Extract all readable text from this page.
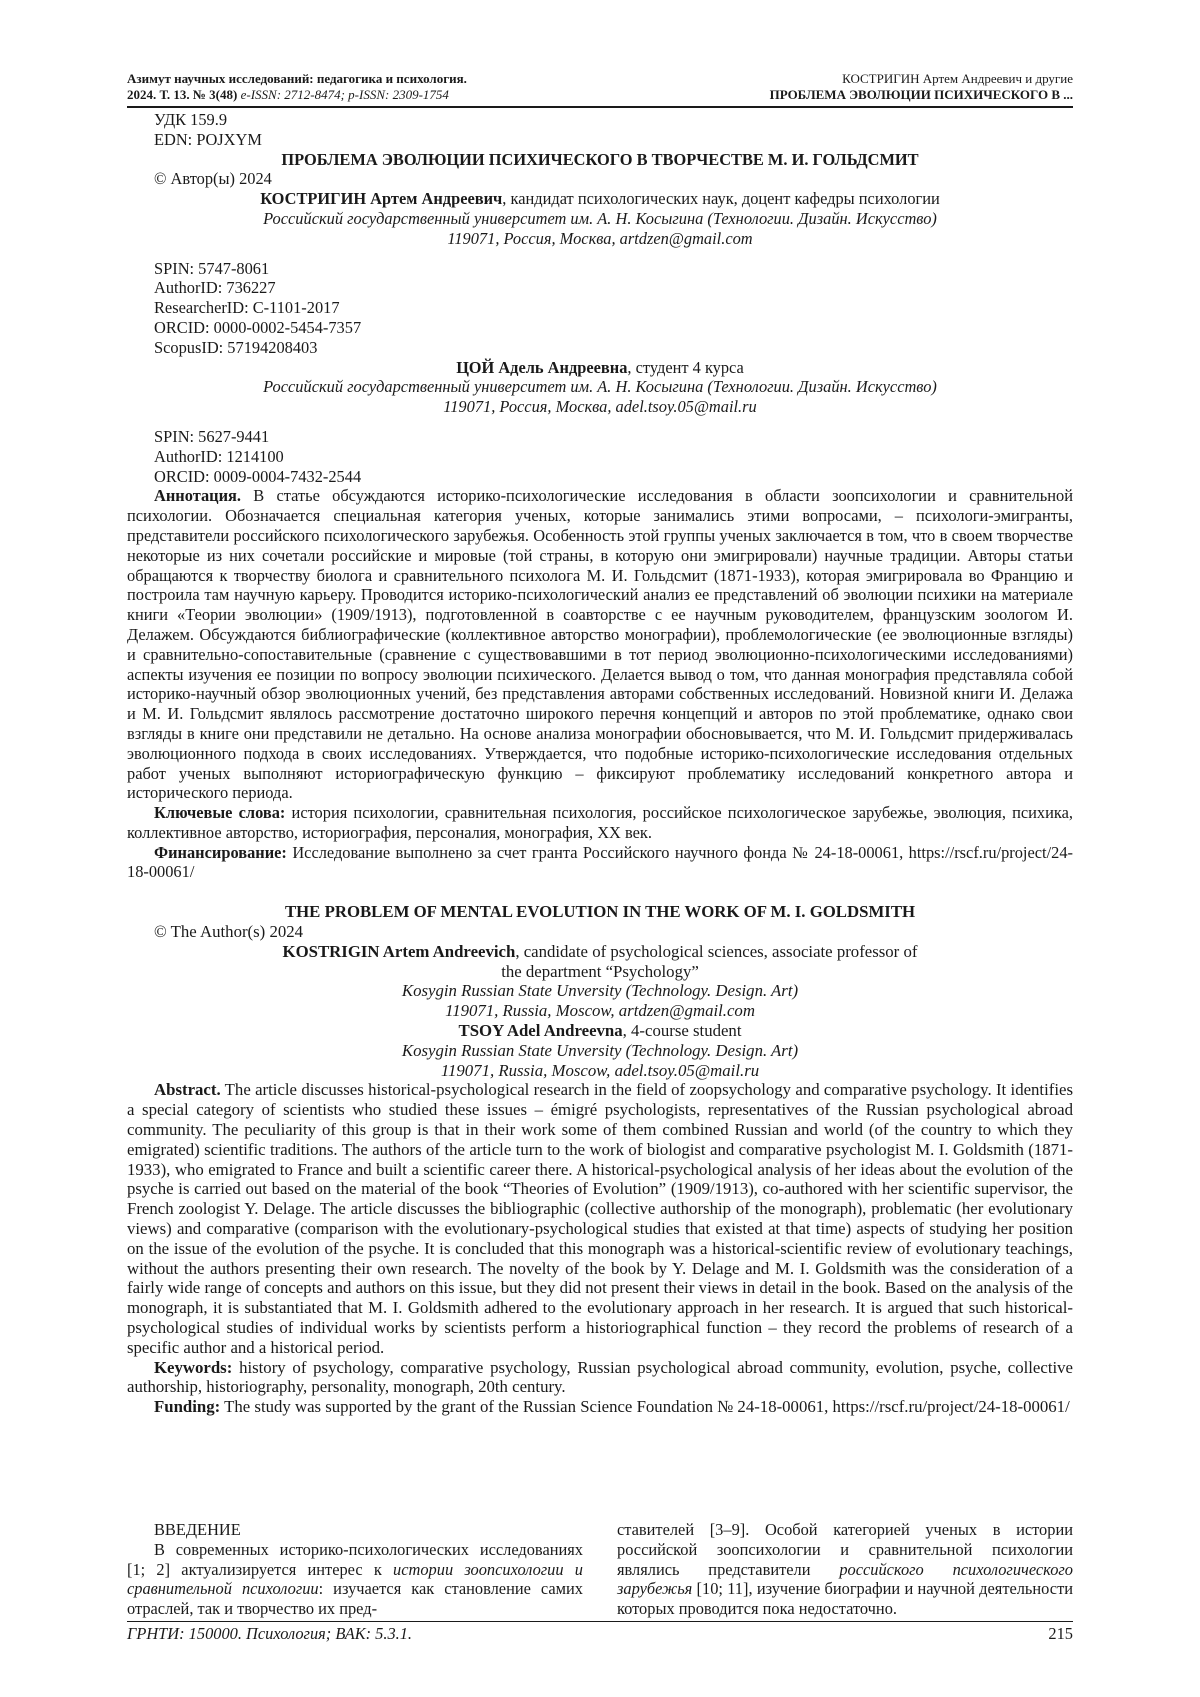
Азимут научных исследований: педагогика и психология.
2024. Т. 13. № 3(48) e-ISSN: 2712-8474; p-ISSN: 2309-1754
КОСТРИГИН Артем Андреевич и другие
ПРОБЛЕМА ЭВОЛЮЦИИ ПСИХИЧЕСКОГО В ...

УДК 159.9

EDN: POJXYM

ПРОБЛЕМА ЭВОЛЮЦИИ ПСИХИЧЕСКОГО В ТВОРЧЕСТВЕ М. И. ГОЛЬДСМИТ

© Автор(ы) 2024

КОСТРИГИН Артем Андреевич, кандидат психологических наук, доцент кафедры психологии

Российский государственный университет им. А. Н. Косыгина (Технологии. Дизайн. Искусство)

119071, Россия, Москва, artdzen@gmail.com

SPIN: 5747-8061

AuthorID: 736227

ResearcherID: C-1101-2017

ORCID: 0000-0002-5454-7357

ScopusID: 57194208403

ЦОЙ Адель Андреевна, студент 4 курса

Российский государственный университет им. А. Н. Косыгина (Технологии. Дизайн. Искусство)

119071, Россия, Москва, adel.tsoy.05@mail.ru

SPIN: 5627-9441

AuthorID: 1214100

ORCID: 0009-0004-7432-2544

Аннотация. В статье обсуждаются историко-психологические исследования в области зоопсихологии и сравнительной психологии. Обозначается специальная категория ученых, которые занимались этими вопросами, – психологи-эмигранты, представители российского психологического зарубежья. Особенность этой группы ученых заключается в том, что в своем творчестве некоторые из них сочетали российские и мировые (той страны, в которую они эмигрировали) научные традиции. Авторы статьи обращаются к творчеству биолога и сравнительного психолога М. И. Гольдсмит (1871-1933), которая эмигрировала во Францию и построила там научную карьеру. Проводится историко-психологический анализ ее представлений об эволюции психики на материале книги «Теории эволюции» (1909/1913), подготовленной в соавторстве с ее научным руководителем, французским зоологом И. Делажем. Обсуждаются библиографические (коллективное авторство монографии), проблемологические (ее эволюционные взгляды) и сравнительно-сопоставительные (сравнение с существовавшими в тот период эволюционно-психологическими исследованиями) аспекты изучения ее позиции по вопросу эволюции психического. Делается вывод о том, что данная монография представляла собой историко-научный обзор эволюционных учений, без представления авторами собственных исследований. Новизной книги И. Делажа и М. И. Гольдсмит являлось рассмотрение достаточно широкого перечня концепций и авторов по этой проблематике, однако свои взгляды в книге они представили не детально. На основе анализа монографии обосновывается, что М. И. Гольдсмит придерживалась эволюционного подхода в своих исследованиях. Утверждается, что подобные историко-психологические исследования отдельных работ ученых выполняют историографическую функцию – фиксируют проблематику исследований конкретного автора и исторического периода.

Ключевые слова: история психологии, сравнительная психология, российское психологическое зарубежье, эволюция, психика, коллективное авторство, историография, персоналия, монография, XX век.

Финансирование: Исследование выполнено за счет гранта Российского научного фонда № 24-18-00061, https://rscf.ru/project/24-18-00061/

THE PROBLEM OF MENTAL EVOLUTION IN THE WORK OF M. I. GOLDSMITH

© The Author(s) 2024

KOSTRIGIN Artem Andreevich, candidate of psychological sciences, associate professor of

the department “Psychology”

Kosygin Russian State Unversity (Technology. Design. Art)

119071, Russia, Moscow, artdzen@gmail.com

TSOY Adel Andreevna, 4-course student

Kosygin Russian State Unversity (Technology. Design. Art)

119071, Russia, Moscow, adel.tsoy.05@mail.ru

Abstract. The article discusses historical-psychological research in the field of zoopsychology and comparative psychology. It identifies a special category of scientists who studied these issues – émigré psychologists, representatives of the Russian psychological abroad community. The peculiarity of this group is that in their work some of them combined Russian and world (of the country to which they emigrated) scientific traditions. The authors of the article turn to the work of biologist and comparative psychologist M. I. Goldsmith (1871-1933), who emigrated to France and built a scientific career there. A historical-psychological analysis of her ideas about the evolution of the psyche is carried out based on the material of the book “Theories of Evolution” (1909/1913), co-authored with her scientific supervisor, the French zoologist Y. Delage. The article discusses the bibliographic (collective authorship of the monograph), problematic (her evolutionary views) and comparative (comparison with the evolutionary-psychological studies that existed at that time) aspects of studying her position on the issue of the evolution of the psyche. It is concluded that this monograph was a historical-scientific review of evolutionary teachings, without the authors presenting their own research. The novelty of the book by Y. Delage and M. I. Goldsmith was the consideration of a fairly wide range of concepts and authors on this issue, but they did not present their views in detail in the book. Based on the analysis of the monograph, it is substantiated that M. I. Goldsmith adhered to the evolutionary approach in her research. It is argued that such historical-psychological studies of individual works by scientists perform a historiographical function – they record the problems of research of a specific author and a historical period.

Keywords: history of psychology, comparative psychology, Russian psychological abroad community, evolution, psyche, collective authorship, historiography, personality, monograph, 20th century.

Funding: The study was supported by the grant of the Russian Science Foundation № 24-18-00061, https://rscf.ru/project/24-18-00061/

ВВЕДЕНИЕ

В современных историко-психологических исследованиях [1; 2] актуализируется интерес к истории зоопсихологии и сравнительной психологии: изучается как становление самих отраслей, так и творчество их пред-

ставителей [3–9]. Особой категорией ученых в истории российской зоопсихологии и сравнительной психологии являлись представители российского психологического зарубежья [10; 11], изучение биографии и научной деятельности которых проводится пока недостаточно.

ГРНТИ: 150000. Психология; ВАК: 5.3.1.	215
